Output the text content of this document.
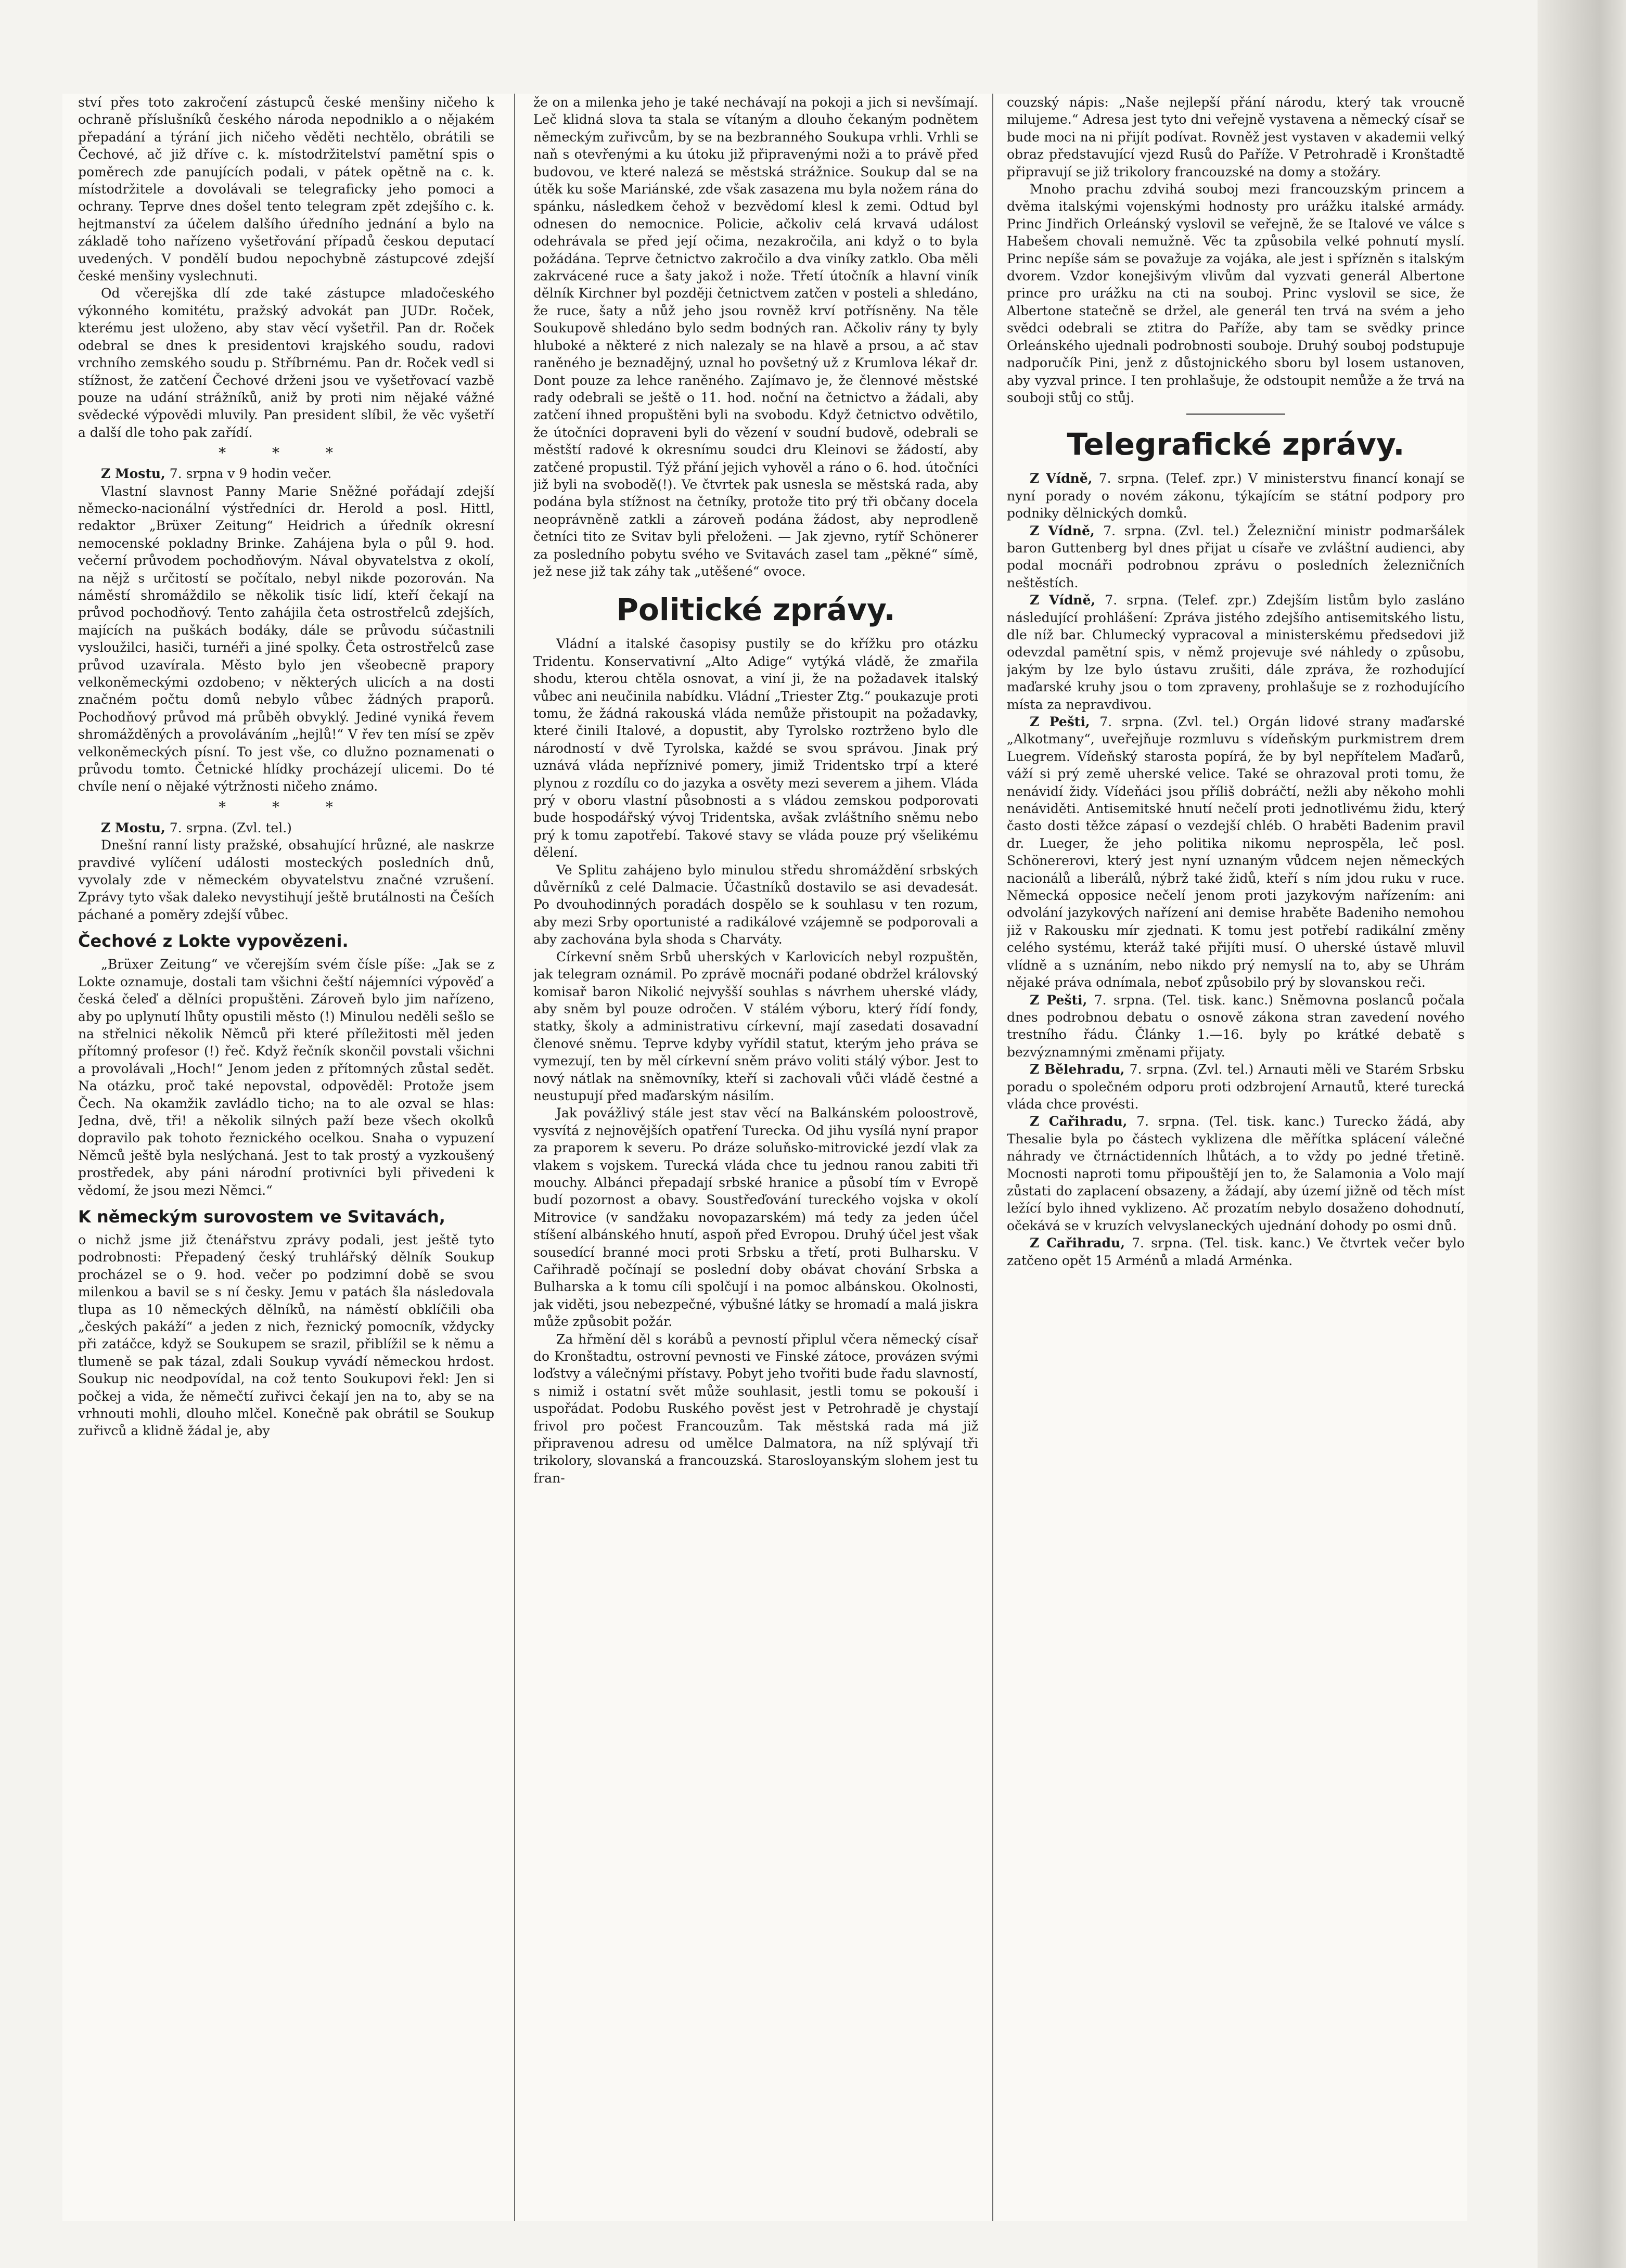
ství přes toto zakročení zástupců české menšiny ničeho k ochraně příslušníků českého národa nepodniklo a o nějakém přepadání a týrání jich ničeho věděti nechtělo, obrátili se Čechové, ač již dříve c. k. místodržitelství pamětní spis o poměrech zde panujících podali, v pátek opětně na c. k. místodržitele a dovolávali se telegraficky jeho pomoci a ochrany. Teprve dnes došel tento telegram zpět zdejšího c. k. hejtmanství za účelem dalšího úředního jednání a bylo na základě toho nařízeno vyšetřování případů českou deputací uvedených. V pondělí budou nepochybně zástupcové zdejší české menšiny vyslechnuti.

Od včerejška dlí zde také zástupce mladočeského výkonného komitétu, pražský advokát pan JUDr. Roček, kterému jest uloženo, aby stav věcí vyšetřil. Pan dr. Roček odebral se dnes k presidentovi krajského soudu, radovi vrchního zemského soudu p. Stříbrnému. Pan dr. Roček vedl si stížnost, že zatčení Čechové drženi jsou ve vyšetřovací vazbě pouze na udání strážníků, aniž by proti nim nějaké vážné svědecké výpovědi mluvily. Pan president slíbil, že věc vyšetří a další dle toho pak zařídí.

* * *

Z Mostu, 7. srpna v 9 hodin večer.

Vlastní slavnost Panny Marie Sněžné pořádají zdejší německo-nacionální výstředníci dr. Herold a posl. Hittl, redaktor „Brüxer Zeitung“ Heidrich a úředník okresní nemocenské pokladny Brinke. Zahájena byla o půl 9. hod. večerní průvodem pochodňovým. Nával obyvatelstva z okolí, na nějž s určitostí se počítalo, nebyl nikde pozorován. Na náměstí shromáždilo se několik tisíc lidí, kteří čekají na průvod pochodňový. Tento zahájila četa ostrostřelců zdejších, majících na puškách bodáky, dále se průvodu súčastnili vysloužilci, hasiči, turnéři a jiné spolky. Četa ostrostřelců zase průvod uzavírala. Město bylo jen všeobecně prapory velkoněmeckými ozdobeno; v některých ulicích a na dosti značném počtu domů nebylo vůbec žádných praporů. Pochodňový průvod má průběh obvyklý. Jediné vyniká řevem shromážděných a provoláváním „hejlů!“ V řev ten mísí se zpěv velkoněmeckých písní. To jest vše, co dlužno poznamenati o průvodu tomto. Četnické hlídky procházejí ulicemi. Do té chvíle není o nějaké výtržnosti ničeho známo.

* * *

Z Mostu, 7. srpna. (Zvl. tel.)

Dnešní ranní listy pražské, obsahující hrůzné, ale naskrze pravdivé vylíčení události mosteckých posledních dnů, vyvolaly zde v německém obyvatelstvu značné vzrušení. Zprávy tyto však daleko nevystihují ještě brutálnosti na Češích páchané a poměry zdejší vůbec.

Čechové z Lokte vypovězeni.

„Brüxer Zeitung“ ve včerejším svém čísle píše: „Jak se z Lokte oznamuje, dostali tam všichni čeští nájemníci výpověď a česká čeleď a dělníci propuštěni. Zároveň bylo jim nařízeno, aby po uplynutí lhůty opustili město (!) Minulou neděli sešlo se na střelnici několik Němců při které příležitosti měl jeden přítomný profesor (!) řeč. Když řečník skončil povstali všichni a provolávali „Hoch!“ Jenom jeden z přítomných zůstal sedět. Na otázku, proč také nepovstal, odpověděl: Protože jsem Čech. Na okamžik zavládlo ticho; na to ale ozval se hlas: Jedna, dvě, tři! a několik silných paží beze všech okolků dopravilo pak tohoto řeznického ocelkou. Snaha o vypuzení Němců ještě byla neslýchaná. Jest to tak prostý a vyzkoušený prostředek, aby páni národní protivníci byli přivedeni k vědomí, že jsou mezi Němci.“

K německým surovostem ve Svitavách,

o nichž jsme již čtenářstvu zprávy podali, jest ještě tyto podrobnosti: Přepadený český truhlářský dělník Soukup procházel se o 9. hod. večer po podzimní době se svou milenkou a bavil se s ní česky. Jemu v patách šla následovala tlupa as 10 německých dělníků, na náměstí obklíčili oba „českých pakáží“ a jeden z nich, řeznický pomocník, vždycky při zatáčce, když se Soukupem se srazil, přiblížil se k němu a tlumeně se pak tázal, zdali Soukup vyvádí německou hrdost. Soukup nic neodpovídal, na což tento Soukupovi řekl: Jen si počkej a vida, že němečtí zuřivci čekají jen na to, aby se na vrhnouti mohli, dlouho mlčel. Konečně pak obrátil se Soukup zuřivců a klidně žádal je, aby

že on a milenka jeho je také nechávají na pokoji a jich si nevšímají. Leč klidná slova ta stala se vítaným a dlouho čekaným podnětem německým zuřivcům, by se na bezbranného Soukupa vrhli. Vrhli se naň s otevřenými a ku útoku již připravenými noži a to právě před budovou, ve které nalezá se městská strážnice. Soukup dal se na útěk ku soše Mariánské, zde však zasazena mu byla nožem rána do spánku, následkem čehož v bezvědomí klesl k zemi. Odtud byl odnesen do nemocnice. Policie, ačkoliv celá krvavá událost odehrávala se před její očima, nezakročila, ani když o to byla požádána. Teprve četnictvo zakročilo a dva viníky zatklo. Oba měli zakrvácené ruce a šaty jakož i nože. Třetí útočník a hlavní viník dělník Kirchner byl později četnictvem zatčen v posteli a shledáno, že ruce, šaty a nůž jeho jsou rovněž krví potřísněny. Na těle Soukupově shledáno bylo sedm bodných ran. Ačkoliv rány ty byly hluboké a některé z nich nalezaly se na hlavě a prsou, a ač stav raněného je beznadějný, uznal ho povšetný už z Krumlova lékař dr. Dont pouze za lehce raněného. Zajímavo je, že člennové městské rady odebrali se ještě o 11. hod. noční na četnictvo a žádali, aby zatčení ihned propuštěni byli na svobodu. Když četnictvo odvětilo, že útočníci dopraveni byli do vězení v soudní budově, odebrali se městští radové k okresnímu soudci dru Kleinovi se žádostí, aby zatčené propustil. Týž přání jejich vyhověl a ráno o 6. hod. útočníci již byli na svobodě(!). Ve čtvrtek pak usnesla se městská rada, aby podána byla stížnost na četníky, protože tito prý tři občany docela neoprávněně zatkli a zároveň podána žádost, aby neprodleně četníci tito ze Svitav byli přeloženi. — Jak zjevno, rytíř Schönerer za posledního pobytu svého ve Svitavách zasel tam „pěkné“ símě, jež nese již tak záhy tak „utěšené“ ovoce.

Politické zprávy.

Vládní a italské časopisy pustily se do křížku pro otázku Tridentu. Konservativní „Alto Adige“ vytýká vládě, že zmařila shodu, kterou chtěla osnovat, a viní ji, že na požadavek italský vůbec ani neučinila nabídku. Vládní „Triester Ztg.“ poukazuje proti tomu, že žádná rakouská vláda nemůže přistoupit na požadavky, které činili Italové, a dopustit, aby Tyrolsko roztrženo bylo dle národností v dvě Tyrolska, každé se svou správou. Jinak prý uznává vláda nepříznivé pomery, jimiž Tridentsko trpí a které plynou z rozdílu co do jazyka a osvěty mezi severem a jihem. Vláda prý v oboru vlastní působnosti a s vládou zemskou podporovati bude hospodářský vývoj Tridentska, avšak zvláštního sněmu nebo prý k tomu zapotřebí. Takové stavy se vláda pouze prý všelikému dělení.

Ve Splitu zahájeno bylo minulou středu shromáždění srbských důvěrníků z celé Dalmacie. Účastníků dostavilo se asi devadesát. Po dvouhodinných poradách dospělo se k souhlasu v ten rozum, aby mezi Srby oportunisté a radikálové vzájemně se podporovali a aby zachována byla shoda s Charváty.

Církevní sněm Srbů uherských v Karlovicích nebyl rozpuštěn, jak telegram oznámil. Po zprávě mocnáři podané obdržel královský komisař baron Nikolić nejvyšší souhlas s návrhem uherské vlády, aby sněm byl pouze odročen. V stálém výboru, který řídí fondy, statky, školy a administrativu církevní, mají zasedati dosavadní členové sněmu. Teprve kdyby vyřídil statut, kterým jeho práva se vymezují, ten by měl církevní sněm právo voliti stálý výbor. Jest to nový nátlak na sněmovníky, kteří si zachovali vůči vládě čestné a neustupují před maďarským násilím.

Jak povážlivý stále jest stav věcí na Balkánském poloostrově, vysvítá z nejnovějších opatření Turecka. Od jihu vysílá nyní prapor za praporem k severu. Po dráze soluňsko-mitrovické jezdí vlak za vlakem s vojskem. Turecká vláda chce tu jednou ranou zabiti tři mouchy. Albánci přepadají srbské hranice a působí tím v Evropě budí pozornost a obavy. Soustřeďování tureckého vojska v okolí Mitrovice (v sandžaku novopazarském) má tedy za jeden účel stíšení albánského hnutí, aspoň před Evropou. Druhý účel jest však sousedící branné moci proti Srbsku a třetí, proti Bulharsku. V Cařihradě počínají se poslední doby obávat chování Srbska a Bulharska a k tomu cíli spolčují i na pomoc albánskou. Okolnosti, jak viděti, jsou nebezpečné, výbušné látky se hromadí a malá jiskra může způsobit požár.

Za hřmění děl s korábů a pevností připlul včera německý císař do Kronštadtu, ostrovní pevnosti ve Finské zátoce, provázen svými loďstvy a válečnými přístavy. Pobyt jeho tvořiti bude řadu slavností, s nimiž i ostatní svět může souhlasit, jestli tomu se pokouší i uspořádat. Podobu Ruského pověst jest v Petrohradě je chystají frivol pro počest Francouzům. Tak městská rada má již připravenou adresu od umělce Dalmatora, na níž splývají tři trikolory, slovanská a francouzská. Starosloyanským slohem jest tu fran-

couzský nápis: „Naše nejlepší přání národu, který tak vroucně milujeme.“ Adresa jest tyto dni veřejně vystavena a německý císař se bude moci na ni přijít podívat. Rovněž jest vystaven v akademii velký obraz představující vjezd Rusů do Paříže. V Petrohradě i Kronštadtě připravují se již trikolory francouzské na domy a stožáry.

Mnoho prachu zdvihá souboj mezi francouzským princem a dvěma italskými vojenskými hodnosty pro urážku italské armády. Princ Jindřich Orleánský vyslovil se veřejně, že se Italové ve válce s Habešem chovali nemužně. Věc ta způsobila velké pohnutí myslí. Princ nepíše sám se považuje za vojáka, ale jest i spřízněn s italským dvorem. Vzdor konejšivým vlivům dal vyzvati generál Albertone prince pro urážku na cti na souboj. Princ vyslovil se sice, že Albertone statečně se držel, ale generál ten trvá na svém a jeho svědci odebrali se ztitra do Paříže, aby tam se svědky prince Orleánského ujednali podrobnosti souboje. Druhý souboj podstupuje nadporučík Pini, jenž z důstojnického sboru byl losem ustanoven, aby vyzval prince. I ten prohlašuje, že odstoupit nemůže a že trvá na souboji stůj co stůj.

Telegrafické zprávy.

Z Vídně, 7. srpna. (Telef. zpr.) V ministerstvu financí konají se nyní porady o novém zákonu, týkajícím se státní podpory pro podniky dělnických domků.

Z Vídně, 7. srpna. (Zvl. tel.) Železniční ministr podmaršálek baron Guttenberg byl dnes přijat u císaře ve zvláštní audienci, aby podal mocnáři podrobnou zprávu o posledních železničních neštěstích.

Z Vídně, 7. srpna. (Telef. zpr.) Zdejším listům bylo zasláno následující prohlášení: Zpráva jistého zdejšího antisemitského listu, dle níž bar. Chlumecký vypracoval a ministerskému předsedovi již odevzdal pamětní spis, v němž projevuje své náhledy o způsobu, jakým by lze bylo ústavu zrušiti, dále zpráva, že rozhodující maďarské kruhy jsou o tom zpraveny, prohlašuje se z rozhodujícího místa za nepravdivou.

Z Pešti, 7. srpna. (Zvl. tel.) Orgán lidové strany maďarské „Alkotmany“, uveřejňuje rozmluvu s vídeňským purkmistrem drem Luegrem. Vídeňský starosta popírá, že by byl nepřítelem Maďarů, váží si prý země uherské velice. Také se ohrazoval proti tomu, že nenávidí židy. Vídeňáci jsou příliš dobráčtí, nežli aby někoho mohli nenáviděti. Antisemitské hnutí nečelí proti jednotlivému židu, který často dosti těžce zápasí o vezdejší chléb. O hraběti Badenim pravil dr. Lueger, že jeho politika nikomu neprospěla, leč posl. Schönererovi, který jest nyní uznaným vůdcem nejen německých nacionálů a liberálů, nýbrž také židů, kteří s ním jdou ruku v ruce. Německá opposice nečelí jenom proti jazykovým nařízením: ani odvolání jazykových nařízení ani demise hraběte Badeniho nemohou již v Rakousku mír zjednati. K tomu jest potřebí radikální změny celého systému, kteráž také přijíti musí. O uherské ústavě mluvil vlídně a s uznáním, nebo nikdo prý nemyslí na to, aby se Uhrám nějaké práva odnímala, neboť způsobilo prý by slovanskou reči.

Z Pešti, 7. srpna. (Tel. tisk. kanc.) Sněmovna poslanců počala dnes podrobnou debatu o osnově zákona stran zavedení nového trestního řádu. Články 1.—16. byly po krátké debatě s bezvýznamnými změnami přijaty.

Z Bělehradu, 7. srpna. (Zvl. tel.) Arnauti měli ve Starém Srbsku poradu o společném odporu proti odzbrojení Arnautů, které turecká vláda chce provésti.

Z Cařihradu, 7. srpna. (Tel. tisk. kanc.) Turecko žádá, aby Thesalie byla po částech vyklizena dle měřítka splácení válečné náhrady ve čtrnáctidenních lhůtách, a to vždy po jedné třetině. Mocnosti naproti tomu připouštějí jen to, že Salamonia a Volo mají zůstati do zaplacení obsazeny, a žádají, aby území jižně od těch míst ležící bylo ihned vyklizeno. Ač prozatím nebylo dosaženo dohodnutí, očekává se v kruzích velvyslaneckých ujednání dohody po osmi dnů.

Z Cařihradu, 7. srpna. (Tel. tisk. kanc.) Ve čtvrtek večer bylo zatčeno opět 15 Arménů a mladá Arménka.
